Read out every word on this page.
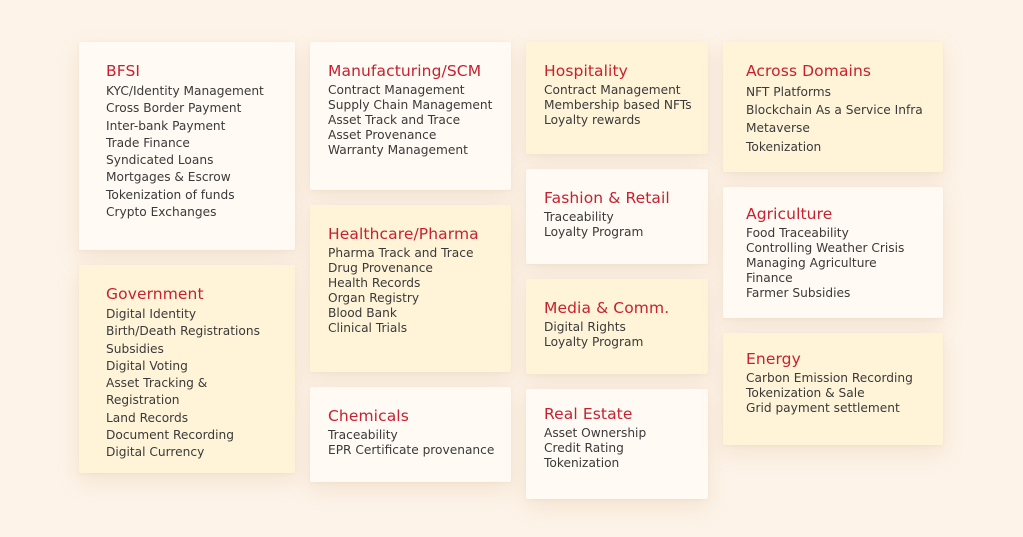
BFSI
KYC/Identity Management
Cross Border Payment
Inter-bank Payment
Trade Finance
Syndicated Loans
Mortgages & Escrow
Tokenization of funds
Crypto Exchanges
Government
Digital Identity
Birth/Death Registrations
Subsidies
Digital Voting
Asset Tracking &
Registration
Land Records
Document Recording
Digital Currency
Manufacturing/SCM
Contract Management
Supply Chain Management
Asset Track and Trace
Asset Provenance
Warranty Management
Healthcare/Pharma
Pharma Track and Trace
Drug Provenance
Health Records
Organ Registry
Blood Bank
Clinical Trials
Chemicals
Traceability
EPR Certificate provenance
Hospitality
Contract Management
Membership based NFTs
Loyalty rewards
Fashion & Retail
Traceability
Loyalty Program
Media & Comm.
Digital Rights
Loyalty Program
Real Estate
Asset Ownership
Credit Rating
Tokenization
Across Domains
NFT Platforms
Blockchain As a Service Infra
Metaverse
Tokenization
Agriculture
Food Traceability
Controlling Weather Crisis
Managing Agriculture
Finance
Farmer Subsidies
Energy
Carbon Emission Recording
Tokenization & Sale
Grid payment settlement
